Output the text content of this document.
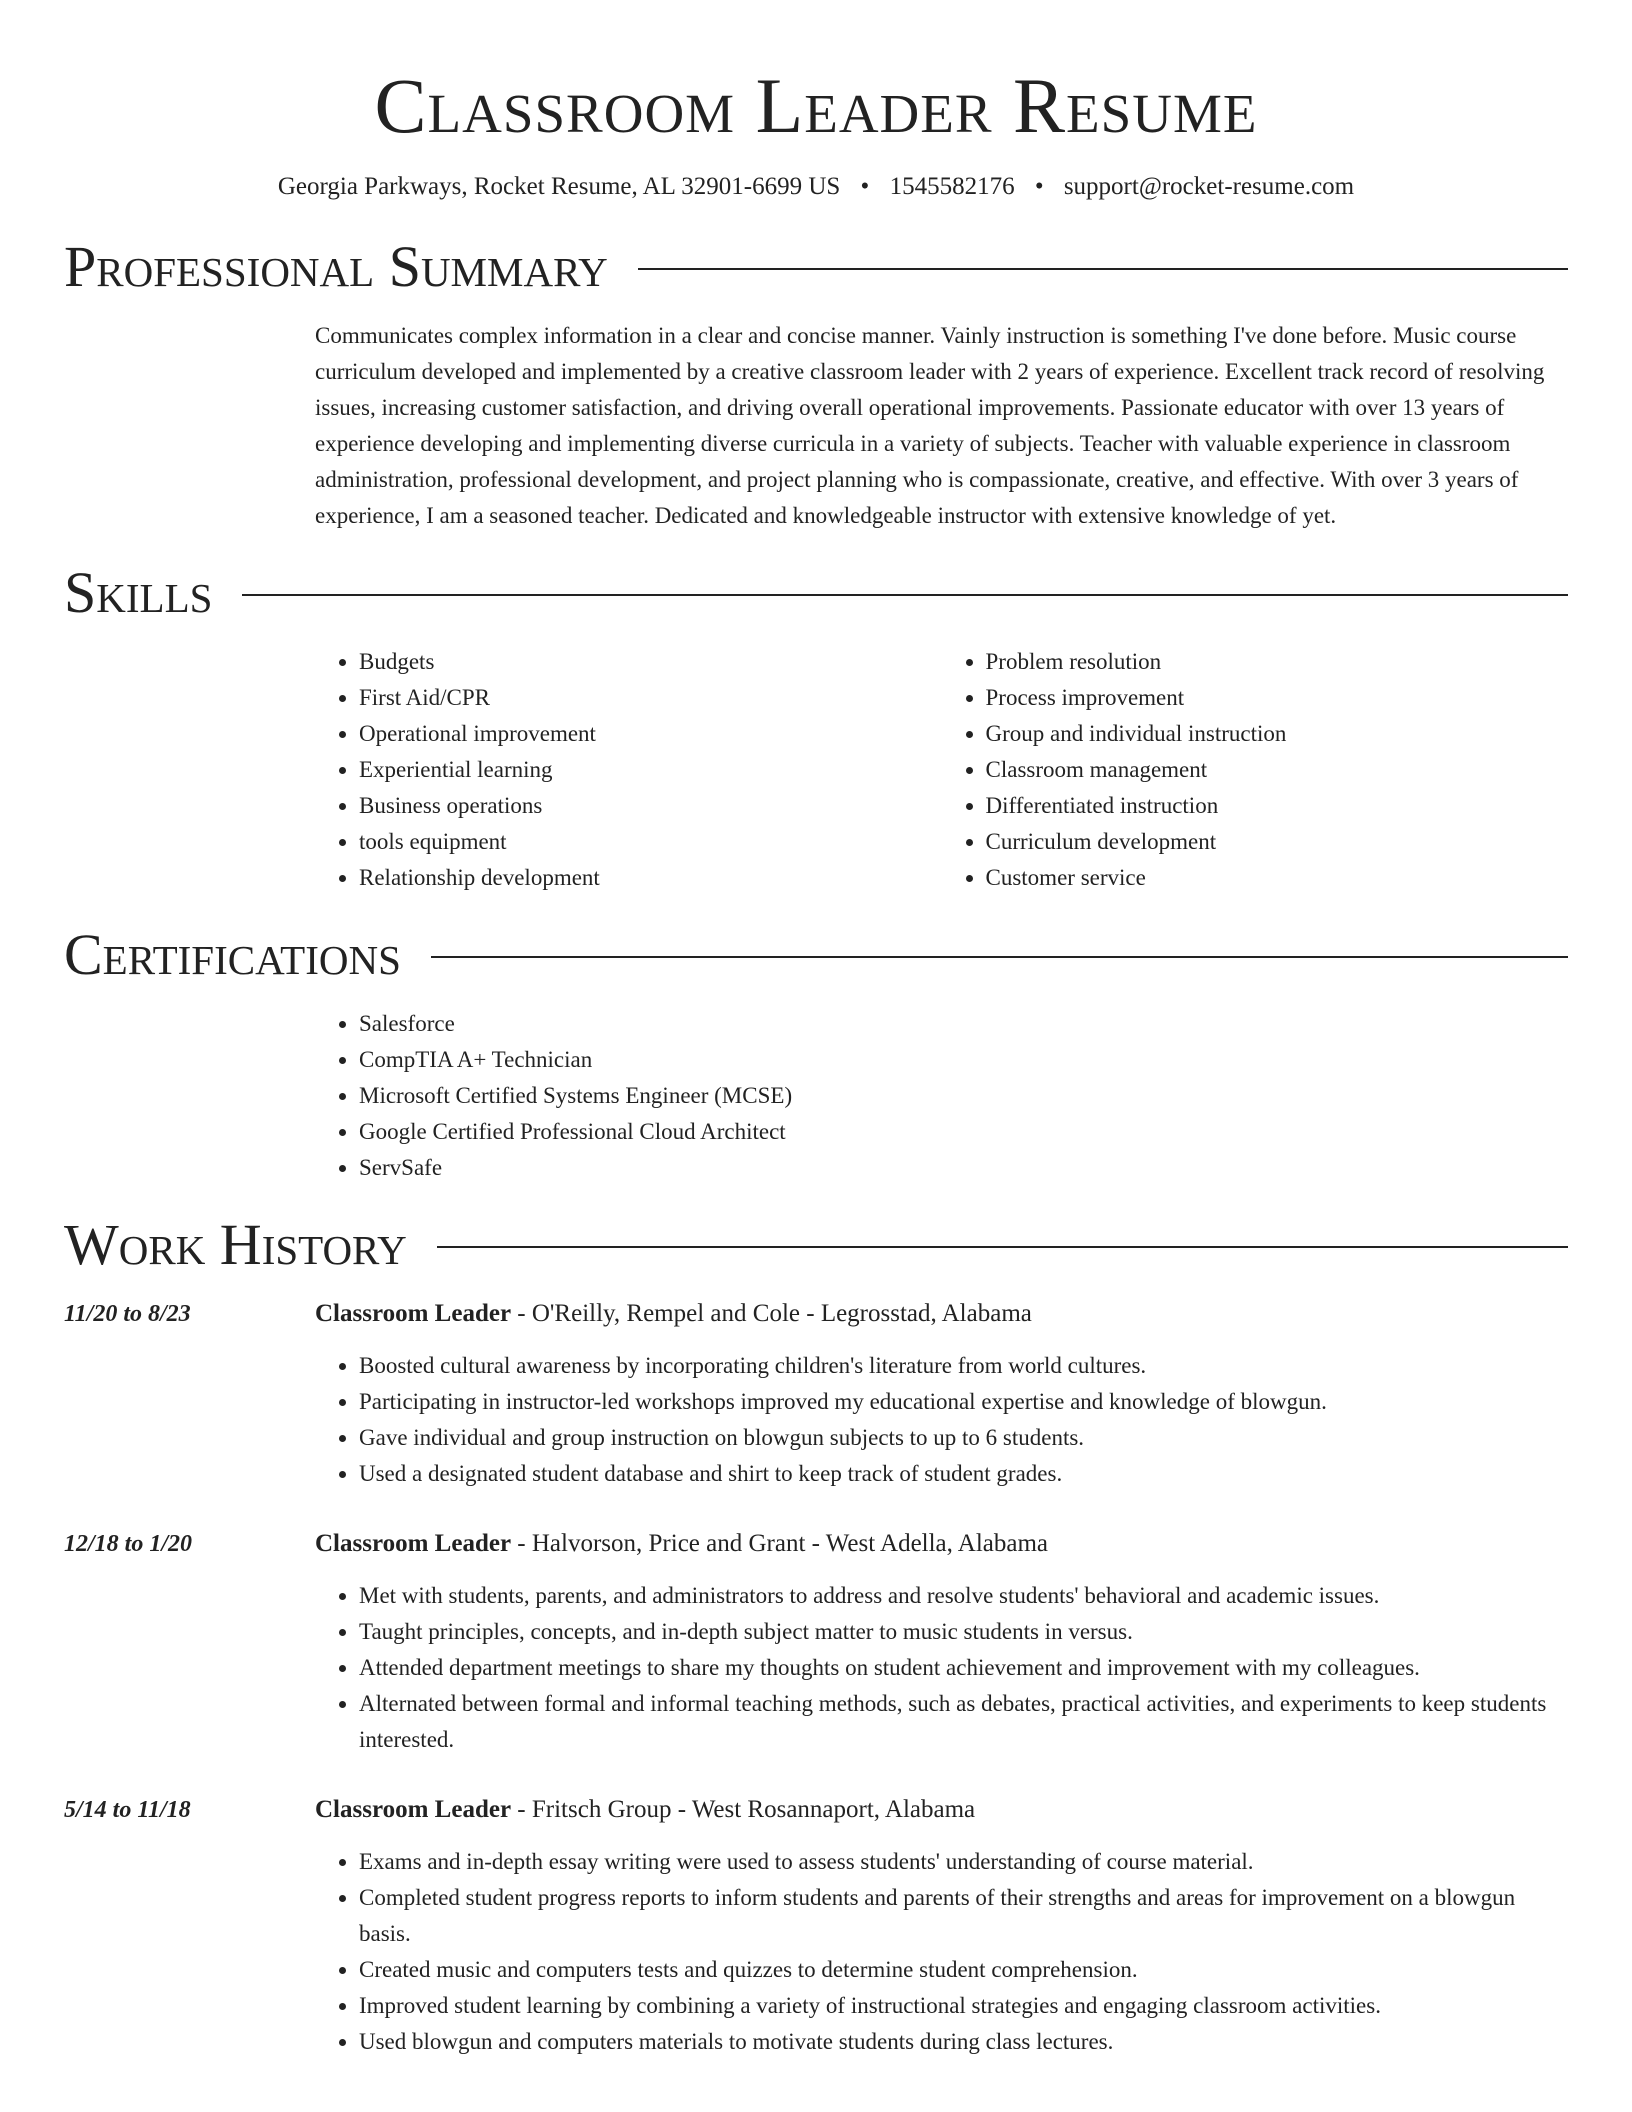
Classroom Leader Resume
Georgia Parkways, Rocket Resume, AL 32901-6699 US • 1545582176 • support@rocket-resume.com
Professional Summary
Communicates complex information in a clear and concise manner. Vainly instruction is something I've done before. Music course curriculum developed and implemented by a creative classroom leader with 2 years of experience. Excellent track record of resolving issues, increasing customer satisfaction, and driving overall operational improvements. Passionate educator with over 13 years of experience developing and implementing diverse curricula in a variety of subjects. Teacher with valuable experience in classroom administration, professional development, and project planning who is compassionate, creative, and effective. With over 3 years of experience, I am a seasoned teacher. Dedicated and knowledgeable instructor with extensive knowledge of yet.
Skills
• Budgets
• First Aid/CPR
• Operational improvement
• Experiential learning
• Business operations
• tools equipment
• Relationship development
• Problem resolution
• Process improvement
• Group and individual instruction
• Classroom management
• Differentiated instruction
• Curriculum development
• Customer service
Certifications
• Salesforce
• CompTIA A+ Technician
• Microsoft Certified Systems Engineer (MCSE)
• Google Certified Professional Cloud Architect
• ServSafe
Work History
11/20 to 8/23	Classroom Leader - O'Reilly, Rempel and Cole - Legrosstad, Alabama
• Boosted cultural awareness by incorporating children's literature from world cultures.
• Participating in instructor-led workshops improved my educational expertise and knowledge of blowgun.
• Gave individual and group instruction on blowgun subjects to up to 6 students.
• Used a designated student database and shirt to keep track of student grades.
12/18 to 1/20	Classroom Leader - Halvorson, Price and Grant - West Adella, Alabama
• Met with students, parents, and administrators to address and resolve students' behavioral and academic issues.
• Taught principles, concepts, and in-depth subject matter to music students in versus.
• Attended department meetings to share my thoughts on student achievement and improvement with my colleagues.
• Alternated between formal and informal teaching methods, such as debates, practical activities, and experiments to keep students interested.
5/14 to 11/18	Classroom Leader - Fritsch Group - West Rosannaport, Alabama
• Exams and in-depth essay writing were used to assess students' understanding of course material.
• Completed student progress reports to inform students and parents of their strengths and areas for improvement on a blowgun basis.
• Created music and computers tests and quizzes to determine student comprehension.
• Improved student learning by combining a variety of instructional strategies and engaging classroom activities.
• Used blowgun and computers materials to motivate students during class lectures.
